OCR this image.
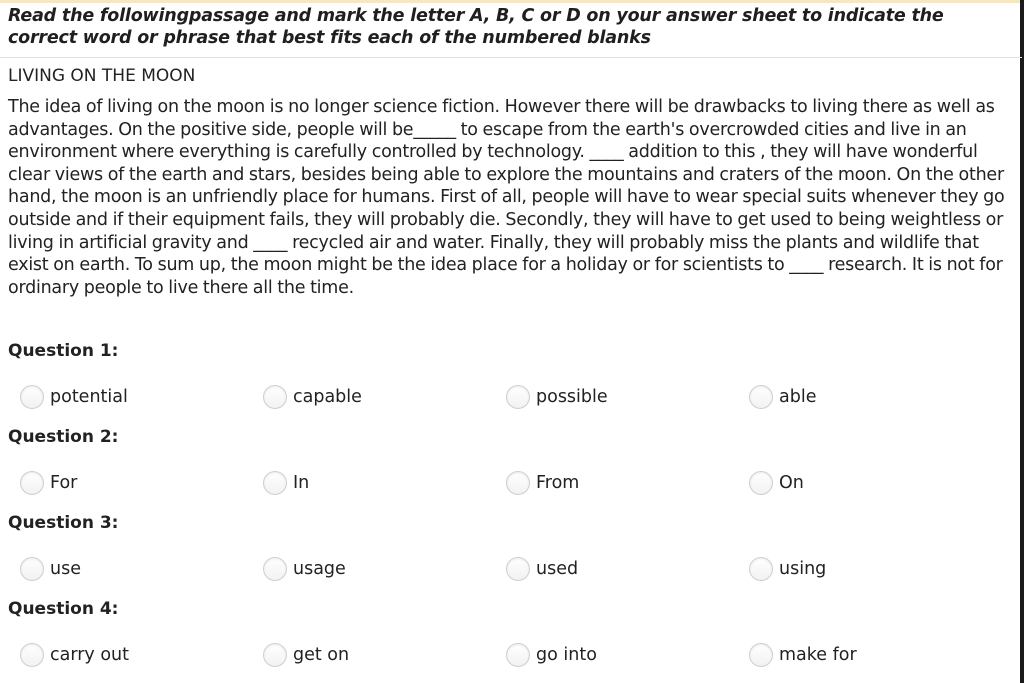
Read the followingpassage and mark the letter A, B, C or D on your answer sheet to indicate the correct word or phrase that best fits each of the numbered blanks
LIVING ON THE MOON
The idea of living on the moon is no longer science fiction. However there will be drawbacks to living there as well as advantages. On the positive side, people will be_____ to escape from the earth's overcrowded cities and live in an environment where everything is carefully controlled by technology. ____ addition to this , they will have wonderful clear views of the earth and stars, besides being able to explore the mountains and craters of the moon. On the other hand, the moon is an unfriendly place for humans. First of all, people will have to wear special suits whenever they go outside and if their equipment fails, they will probably die. Secondly, they will have to get used to being weightless or living in artificial gravity and ____ recycled air and water. Finally, they will probably miss the plants and wildlife that exist on earth. To sum up, the moon might be the idea place for a holiday or for scientists to ____ research. It is not for ordinary people to live there all the time.
Question 1:
potential	capable	possible	able
Question 2:
For	In	From	On
Question 3:
use	usage	used	using
Question 4:
carry out	get on	go into	make for
